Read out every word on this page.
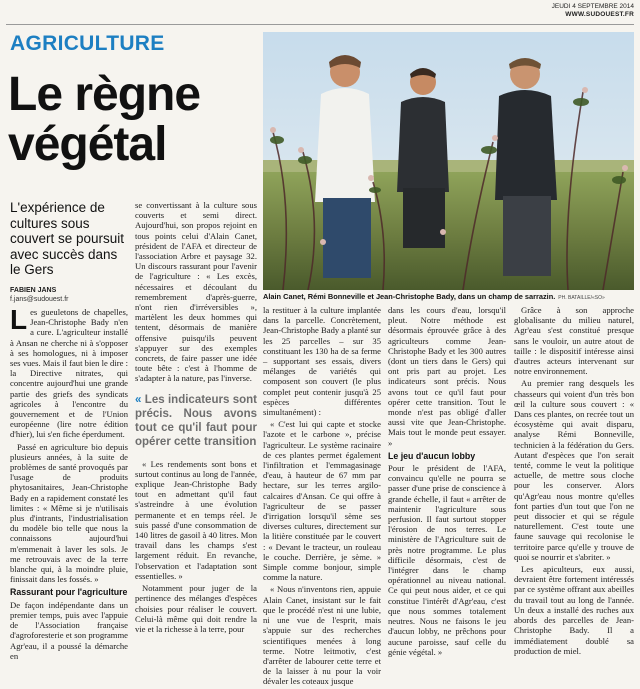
JEUDI 4 SEPTEMBRE 2014
WWW.SUDOUEST.FR
AGRICULTURE
Le règne végétal
L'expérience de cultures sous couvert se poursuit avec succès dans le Gers
FABIEN JANS
f.jans@sudouest.fr

Les gueuletons de chapelles, Jean-Christophe Bady n'en a cure. L'agriculteur installé à Ansan ne cherche ni à s'opposer à ses homologues, ni à imposer ses vues. Mais il faut bien le dire : la Directive nitrates, qui concentre aujourd'hui une grande partie des griefs des syndicats agricoles à l'encontre du gouvernement et de l'Union européenne (lire notre édition d'hier), lui s'en fiche éperdument.

Passé en agriculture bio depuis plusieurs années, à la suite de problèmes de santé provoqués par l'usage de produits phytosanitaires, Jean-Christophe Bady en a rapidement constaté les limites : « Même si je n'utilisais plus d'intrants, l'industrialisation du modèle bio telle que nous la connaissons aujourd'hui m'emmenait à laver les sols. Je me retrouvais avec de la terre blanche qui, à la moindre pluie, finissait dans les fossés. »

Rassurant pour l'agriculture

De façon indépendante dans un premier temps, puis avec l'appuie de l'Association française d'agroforesterie et son programme Agr'eau, il a poussé la démarche en

se convertissant à la culture sous couverts et semi direct. Aujourd'hui, son propos rejoint en tous points celui d'Alain Canet, président de l'AFA et directeur de l'association Arbre et paysage 32. Un discours rassurant pour l'avenir de l'agriculture : « Les excès, nécessaires et découlant du remembrement d'après-guerre, n'ont rien d'irréversibles », martèlent les deux hommes qui tentent, désormais de manière offensive puisqu'ils peuvent s'appuyer sur des exemples concrets, de faire passer une idée toute bête : c'est à l'homme de s'adapter à la nature, pas l'inverse.

« Les indicateurs sont précis. Nous avons tout ce qu'il faut pour opérer cette transition

« Les rendements sont bons et surtout continus au long de l'année, explique Jean-Christophe Bady tout en admettant qu'il faut s'astreindre à une évolution permanente et en temps réel. Je suis passé d'une consommation de 140 litres de gasoil à 40 litres. Mon travail dans les champs s'est largement réduit. En revanche, l'observation et l'adaptation sont essentielles. »

Notamment pour juger de la pertinence des mélanges d'espèces choisies pour réaliser le couvert. Celui-là même qui doit rendre la vie et la richesse à la terre, pour

Alain Canet, Rémi Bonneville et Jean-Christophe Bady, dans un champ de sarrazin. PH. BATAILLE/«SO»

la restituer à la culture implantée dans la parcelle. Concrètement, Jean-Christophe Bady a planté sur les 25 parcelles – sur 35 constituant les 130 ha de sa ferme – supportant ses essais, divers mélanges de variétés qui composent son couvert (le plus complet peut contenir jusqu'à 25 espèces différentes simultanément) :

« C'est lui qui capte et stocke l'azote et le carbone », précise l'agriculteur. Le système racinaire de ces plantes permet également l'infiltration et l'emmagasinage d'eau, à hauteur de 67 mm par hectare, sur les terres argilo-calcaires d'Ansan. Ce qui offre à l'agriculteur de se passer d'irrigation lorsqu'il sème ses diverses cultures, directement sur la litière constituée par le couvert : « Devant le tracteur, un rouleau le couche. Derrière, je sème. » Simple comme bonjour, simple comme la nature.

« Nous n'inventons rien, appuie Alain Canet, insistant sur le fait que le procédé n'est ni une lubie, ni une vue de l'esprit, mais s'appuie sur des recherches scientifiques menées à long terme. Notre leitmotiv, c'est d'arrêter de labourer cette terre et de la laisser à nu pour la voir dévaler les coteaux jusque

dans les cours d'eau, lorsqu'il pleut. Notre méthode est désormais éprouvée grâce à des agriculteurs comme Jean-Christophe Bady et les 300 autres (dont un tiers dans le Gers) qui ont pris part au projet. Les indicateurs sont précis. Nous avons tout ce qu'il faut pour opérer cette transition. Tout le monde n'est pas obligé d'aller aussi vite que Jean-Christophe. Mais tout le monde peut essayer. »

Le jeu d'aucun lobby

Pour le président de l'AFA, convaincu qu'elle ne pourra se passer d'une prise de conscience à grande échelle, il faut « arrêter de maintenir l'agriculture sous perfusion. Il faut surtout stopper l'érosion de nos terres. Le ministère de l'Agriculture suit de près notre programme. Le plus difficile désormais, c'est de l'intégrer dans le champ opérationnel au niveau national. Ce qui peut nous aider, et ce qui constitue l'intérêt d'Agr'eau, c'est que nous sommes totalement neutres. Nous ne faisons le jeu d'aucun lobby, ne prêchons pour aucune paroisse, sauf celle du génie végétal. »

Grâce à son approche globalisante du milieu naturel, Agr'eau s'est constitué presque sans le vouloir, un autre atout de taille : le dispositif intéresse ainsi d'autres acteurs intervenant sur notre environnement.

Au premier rang desquels les chasseurs qui voient d'un très bon œil la culture sous couvert : « Dans ces plantes, on recrée tout un écosystème qui avait disparu, analyse Rémi Bonneville, technicien à la fédération du Gers. Autant d'espèces que l'on serait tenté, comme le veut la politique actuelle, de mettre sous cloche pour les conserver. Alors qu'Agr'eau nous montre qu'elles font parties d'un tout que l'on ne peut dissocier et qui se régule naturellement. C'est toute une faune sauvage qui recolonise le territoire parce qu'elle y trouve de quoi se nourrir et s'abriter. »

Les apiculteurs, eux aussi, devraient être fortement intéressés par ce système offrant aux abeilles du travail tout au long de l'année. Un deux a installé des ruches aux abords des parcelles de Jean-Christophe Bady. Il a immédiatement doublé sa production de miel.
